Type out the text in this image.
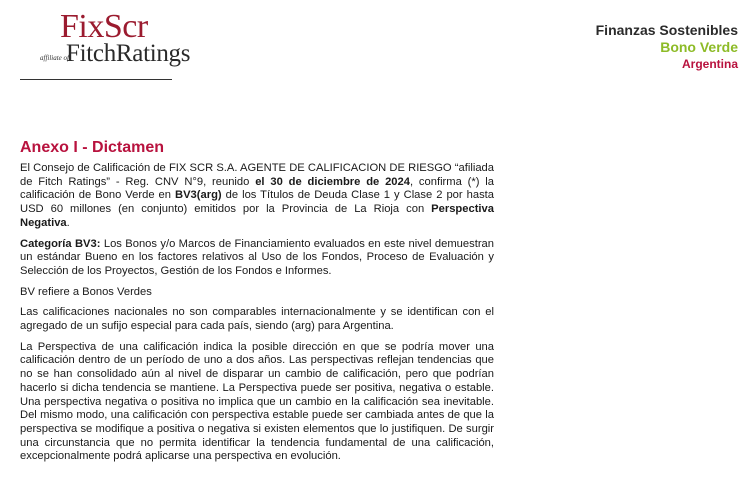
FixScr
affiliate of
FitchRatings
Finanzas Sostenibles
Bono Verde
Argentina
Anexo I - Dictamen

El Consejo de Calificación de FIX SCR S.A. AGENTE DE CALIFICACION DE RIESGO “afiliada de Fitch Ratings” - Reg. CNV N°9, reunido el 30 de diciembre de 2024, confirma (*) la calificación de Bono Verde en BV3(arg) de los Títulos de Deuda Clase 1 y Clase 2 por hasta USD 60 millones (en conjunto) emitidos por la Provincia de La Rioja con Perspectiva Negativa.

Categoría BV3: Los Bonos y/o Marcos de Financiamiento evaluados en este nivel demuestran un estándar Bueno en los factores relativos al Uso de los Fondos, Proceso de Evaluación y Selección de los Proyectos, Gestión de los Fondos e Informes.

BV refiere a Bonos Verdes

Las calificaciones nacionales no son comparables internacionalmente y se identifican con el agregado de un sufijo especial para cada país, siendo (arg) para Argentina.

La Perspectiva de una calificación indica la posible dirección en que se podría mover una calificación dentro de un período de uno a dos años. Las perspectivas reflejan tendencias que no se han consolidado aún al nivel de disparar un cambio de calificación, pero que podrían hacerlo si dicha tendencia se mantiene. La Perspectiva puede ser positiva, negativa o estable. Una perspectiva negativa o positiva no implica que un cambio en la calificación sea inevitable. Del mismo modo, una calificación con perspectiva estable puede ser cambiada antes de que la perspectiva se modifique a positiva o negativa si existen elementos que lo justifiquen. De surgir una circunstancia que no permita identificar la tendencia fundamental de una calificación, excepcionalmente podrá aplicarse una perspectiva en evolución.
